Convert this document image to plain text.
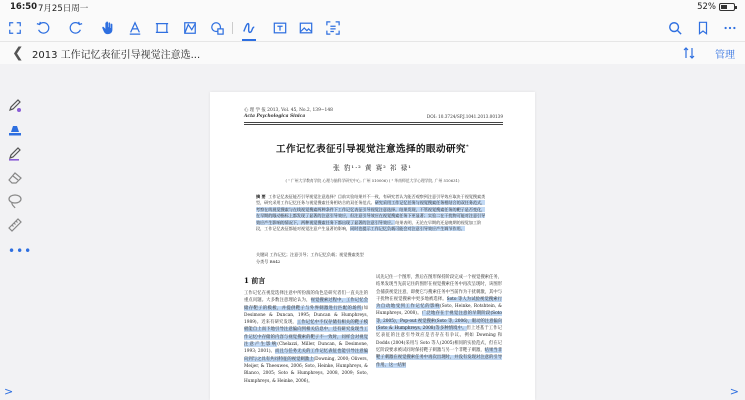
16:50 7月25日周一	52%
❮ 2013 工作记忆表征引导视觉注意选...	管理
•••
>
心 理 学 报 2013, Vol. 45, No.2, 139−148
Acta Psychologica Sinica	DOI: 10.3724/SP.J.1041.2013.00139
工作记忆表征引导视觉注意选择的眼动研究*
张 豹¹·² 黄 赛² 祁 禄¹
( ¹ 广州大学教育学院 心理与脑科学研究中心, 广州 510006) ( ² 华南师范大学心理学院, 广州 510631)
摘 要 工作记忆表征能否引导视觉注意选择？目前实验结果并不一致，有研究者认为能否观察到注意引导效应取决于视觉搜索类型，研究采用工作记忆任务与视觉搜索任务相结合的双任务范式。研究采用工作记忆任务与视觉搜索任务相结合的双任务范式，考察在线视觉搜索与在线视觉搜索两种条件下工作记忆表征引导视觉注意选择。结果发现，不管视觉搜索任务的靶子是否变化，在早期的眼动指标上都发现了显著的注意引导效应，但注意引导效应在视觉搜索任务下更显著；实验二在干扰物可能对注意引导效应产生影响的情况下，两种视觉搜索任务下都出现了显著的注意引导效应。结果表明，无论在早期的还是晚期的视觉加工阶段，工作记忆表征都能对视觉注意产生显著的影响，同时也提示工作记忆负载可能会对注意引导效应产生调节作用。
关键词 工作记忆；注意引导；工作记忆负载；视觉搜索类型
分类号 B842
1 前言
工作记忆在视觉选择注意中所扮演的角色是研究者们一直关注的重点问题。大多数注意理论认为，视觉搜索过程中，工作记忆会储存靶子的模板，并提供靶子与外界刺激进行匹配的场所(如 Desimone & Duncan, 1995; Duncan & Humphreys, 1989)。近来有研究发现，工作记忆中不仅存储有相关的靶子模板能自上而下地引导注意偏向到相关信息中，还有研究发现当工作记忆中存储的内容与视觉搜索的靶子不一致时，同样会对视觉注意产生影响(Chelazzi, Miller, Duncan, & Desimone, 1993; 2001)。而且与任务无关的工作记忆表征也能引导注意偏向到与之具有共同特征的视觉刺激上(Downing, 2000; Olivers, Meijer, & Theeuwes, 2006; Soto, Heinke, Humphreys, & Blanco, 2005; Soto & Humphreys, 2008, 2009; Soto, Humphreys, & Heinke, 2006)。
试先记住一个图形，然后在图形保持阶段完成一个视觉搜索任务，结果发现当先前记住的图形在视觉搜索任务中再次呈现时，该图形会捕获视觉注意，即便它与搜索任务中当前作为干扰刺激，其中与干扰物在视觉搜索中更多地被选择。Soto 等人为试验视觉搜索行为自动地受到工作记忆的影响(Soto, Heinke, Rotshtein, & Humphreys, 2008)。广泛地存在于视觉注意的早期阶段(Soto 等, 2005)，Pop-out 视觉搜索(Soto 等, 2006)，眼动的注意偏向(Soto & Humphreys, 2008)等多种情境中。但上述基于工作记忆表征的注意引导效应是否存在有争议。例如 Downing 和 Dodds (2004)采用与 Soto 等人(2005)相同的实验范式，但在记忆阶段要求被试同时保持靶子刺激与另一个非靶子刺激，结果当非靶子刺激在视觉搜索任务中再次出现时，并没有发现对注意的引导作用。这一结果
>
